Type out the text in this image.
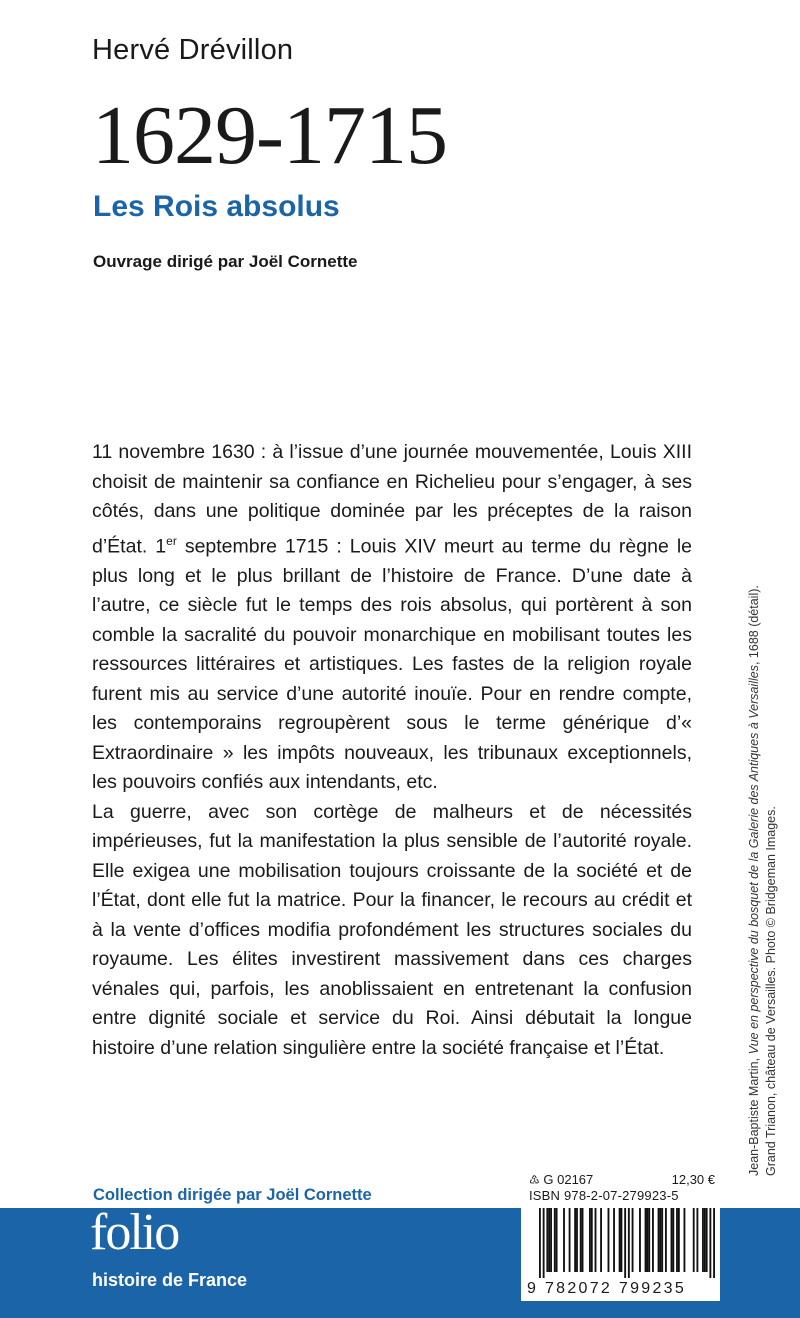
Hervé Drévillon
1629-1715
Les Rois absolus
Ouvrage dirigé par Joël Cornette

11 novembre 1630 : à l’issue d’une journée mouvementée, Louis XIII choisit de maintenir sa confiance en Richelieu pour s’engager, à ses côtés, dans une politique dominée par les préceptes de la raison d’État. 1er septembre 1715 : Louis XIV meurt au terme du règne le plus long et le plus brillant de l’histoire de France. D’une date à l’autre, ce siècle fut le temps des rois absolus, qui portèrent à son comble la sacralité du pouvoir monarchique en mobilisant toutes les ressources littéraires et artistiques. Les fastes de la religion royale furent mis au service d’une autorité inouïe. Pour en rendre compte, les contemporains regroupèrent sous le terme générique d’« Extraordinaire » les impôts nouveaux, les tribunaux exceptionnels, les pouvoirs confiés aux intendants, etc.

La guerre, avec son cortège de malheurs et de nécessités impérieuses, fut la manifestation la plus sensible de l’autorité royale. Elle exigea une mobilisation toujours croissante de la société et de l’État, dont elle fut la matrice. Pour la financer, le recours au crédit et à la vente d’offices modifia profondément les structures sociales du royaume. Les élites investirent massivement dans ces charges vénales qui, parfois, les anoblissaient en entretenant la confusion entre dignité sociale et service du Roi. Ainsi débutait la longue histoire d’une relation singulière entre la société française et l’État.

Jean-Baptiste Martin, Vue en perspective du bosquet de la Galerie des Antiques à Versailles, 1688 (détail).
Grand Trianon, château de Versailles. Photo © Bridgeman Images.
Collection dirigée par Joël Cornette
folio
histoire de France
♳ G 02167	12,30 €
ISBN 978-2-07-279923-5
9 782072 799235
